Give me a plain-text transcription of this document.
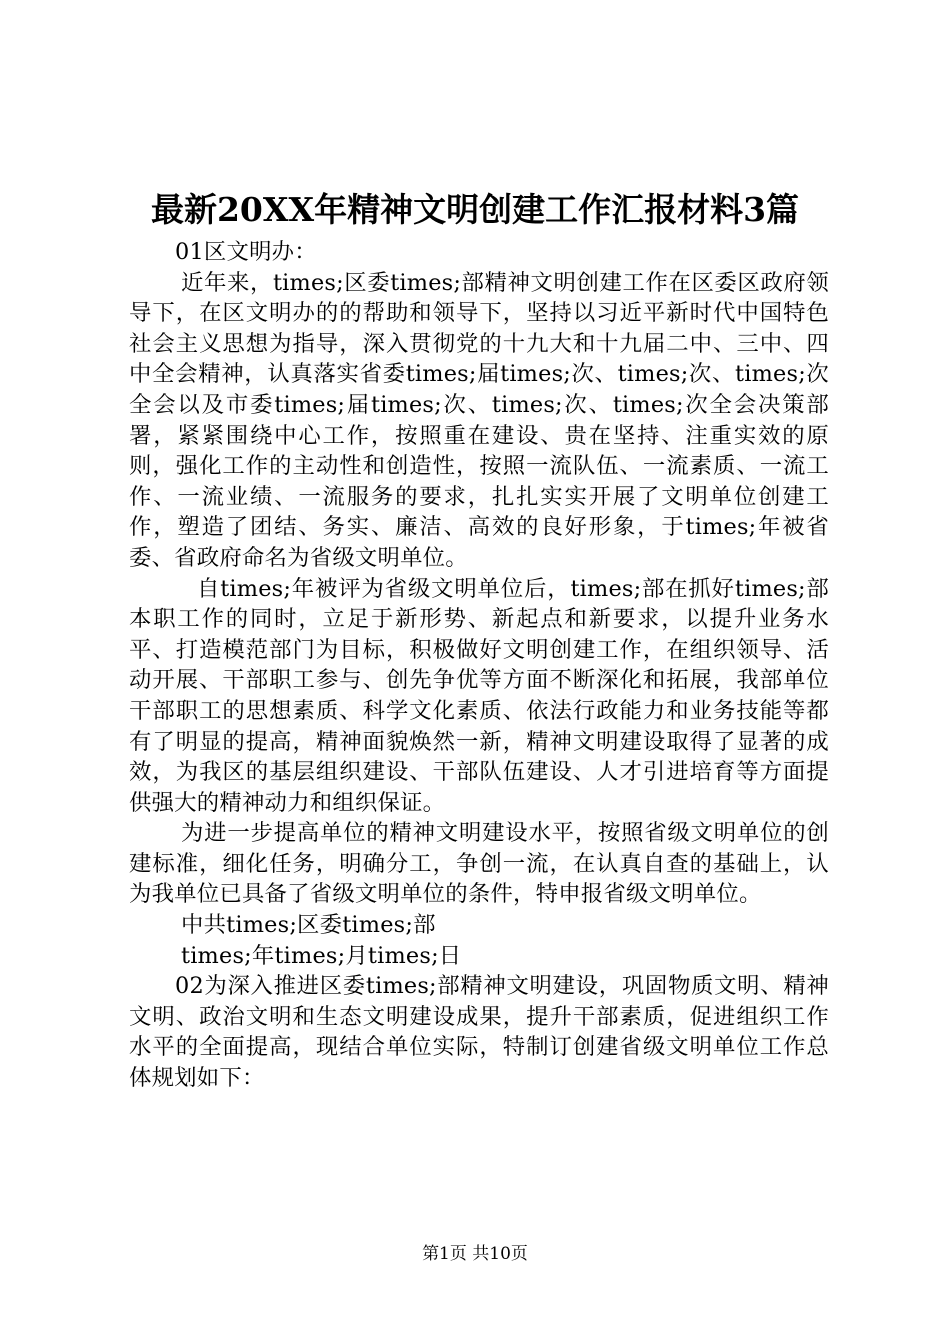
最新20XX年精神文明创建工作汇报材料3篇

01区文明办：

近年来，times;区委times;部精神文明创建工作在区委区政府领导下，在区文明办的的帮助和领导下，坚持以习近平新时代中国特色社会主义思想为指导，深入贯彻党的十九大和十九届二中、三中、四中全会精神，认真落实省委times;届times;次、times;次、times;次全会以及市委times;届times;次、times;次、times;次全会决策部署，紧紧围绕中心工作，按照重在建设、贵在坚持、注重实效的原则，强化工作的主动性和创造性，按照一流队伍、一流素质、一流工作、一流业绩、一流服务的要求，扎扎实实开展了文明单位创建工作，塑造了团结、务实、廉洁、高效的良好形象，于times;年被省委、省政府命名为省级文明单位。

自times;年被评为省级文明单位后，times;部在抓好times;部本职工作的同时，立足于新形势、新起点和新要求，以提升业务水平、打造模范部门为目标，积极做好文明创建工作，在组织领导、活动开展、干部职工参与、创先争优等方面不断深化和拓展，我部单位干部职工的思想素质、科学文化素质、依法行政能力和业务技能等都有了明显的提高，精神面貌焕然一新，精神文明建设取得了显著的成效，为我区的基层组织建设、干部队伍建设、人才引进培育等方面提供强大的精神动力和组织保证。

为进一步提高单位的精神文明建设水平，按照省级文明单位的创建标准，细化任务，明确分工，争创一流，在认真自查的基础上，认为我单位已具备了省级文明单位的条件，特申报省级文明单位。

中共times;区委times;部

times;年times;月times;日

02为深入推进区委times;部精神文明建设，巩固物质文明、精神文明、政治文明和生态文明建设成果，提升干部素质，促进组织工作水平的全面提高，现结合单位实际，特制订创建省级文明单位工作总体规划如下：

第1页 共10页
